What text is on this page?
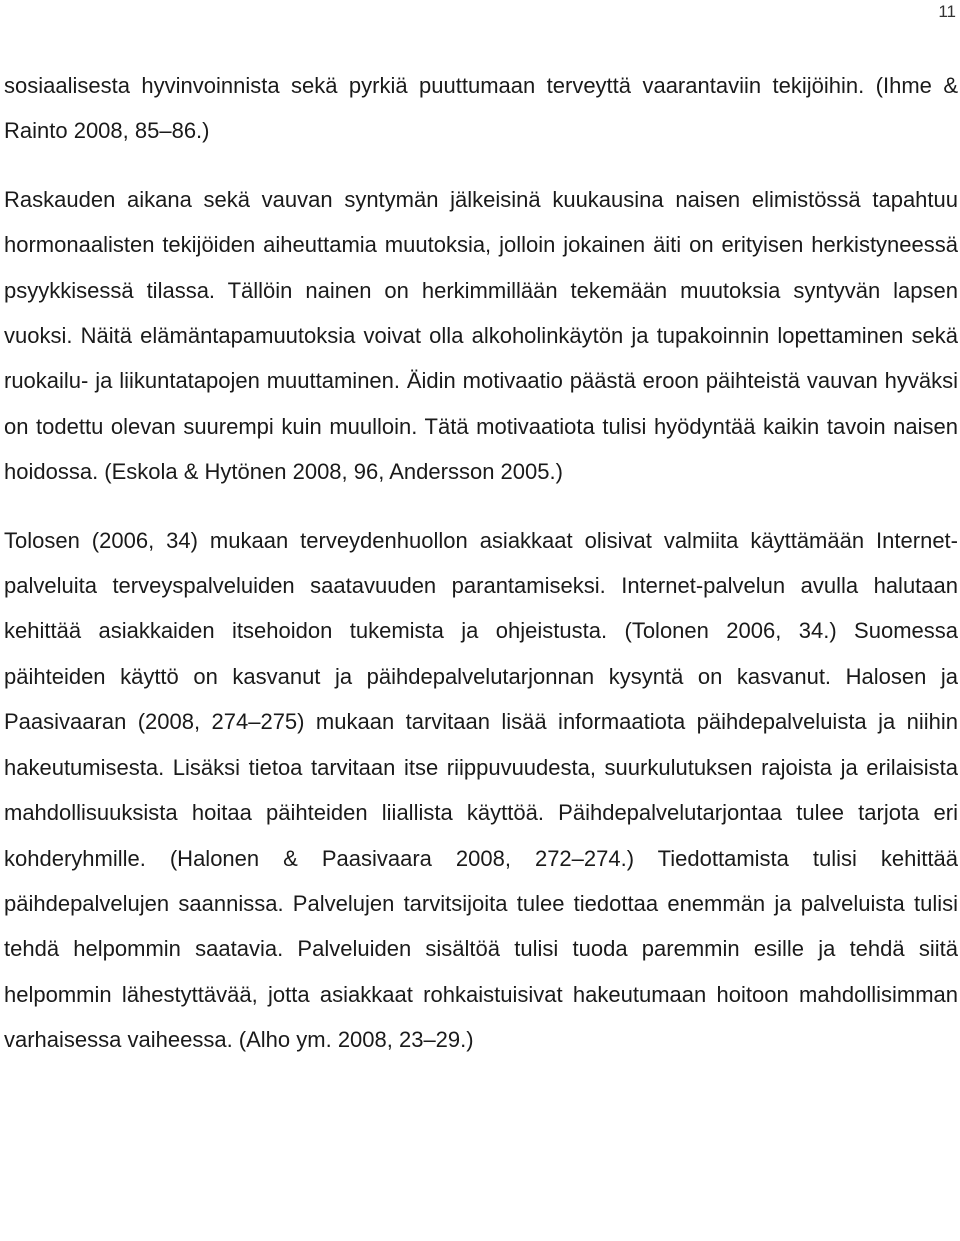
11

sosiaalisesta hyvinvoinnista sekä pyrkiä puuttumaan terveyttä vaarantaviin tekijöihin. (Ihme & Rainto 2008, 85–86.)

Raskauden aikana sekä vauvan syntymän jälkeisinä kuukausina naisen elimistössä tapahtuu hormonaalisten tekijöiden aiheuttamia muutoksia, jolloin jokainen äiti on erityisen herkistyneessä psyykkisessä tilassa. Tällöin nainen on herkimmillään tekemään muutoksia syntyvän lapsen vuoksi. Näitä elämäntapamuutoksia voivat olla alkoholinkäytön ja tupakoinnin lopettaminen sekä ruokailu- ja liikuntatapojen muuttaminen. Äidin motivaatio päästä eroon päihteistä vauvan hyväksi on todettu olevan suurempi kuin muulloin. Tätä motivaatiota tulisi hyödyntää kaikin tavoin naisen hoidossa. (Eskola & Hytönen 2008, 96, Andersson 2005.)

Tolosen (2006, 34) mukaan terveydenhuollon asiakkaat olisivat valmiita käyttämään Internet- palveluita terveyspalveluiden saatavuuden parantamiseksi. Internet-palvelun avulla halutaan kehittää asiakkaiden itsehoidon tukemista ja ohjeistusta. (Tolonen 2006, 34.) Suomessa päihteiden käyttö on kasvanut ja päihdepalvelutarjonnan kysyntä on kasvanut. Halosen ja Paasivaaran (2008, 274–275) mukaan tarvitaan lisää informaatiota päihdepalveluista ja niihin hakeutumisesta. Lisäksi tietoa tarvitaan itse riippuvuudesta, suurkulutuksen rajoista ja erilaisista mahdollisuuksista hoitaa päihteiden liiallista käyttöä. Päihdepalvelutarjontaa tulee tarjota eri kohderyhmille. (Halonen & Paasivaara 2008, 272–274.) Tiedottamista tulisi kehittää päihdepalvelujen saannissa. Palvelujen tarvitsijoita tulee tiedottaa enemmän ja palveluista tulisi tehdä helpommin saatavia. Palveluiden sisältöä tulisi tuoda paremmin esille ja tehdä siitä helpommin lähestyttävää, jotta asiakkaat rohkaistuisivat hakeutumaan hoitoon mahdollisimman varhaisessa vaiheessa. (Alho ym. 2008, 23–29.)
